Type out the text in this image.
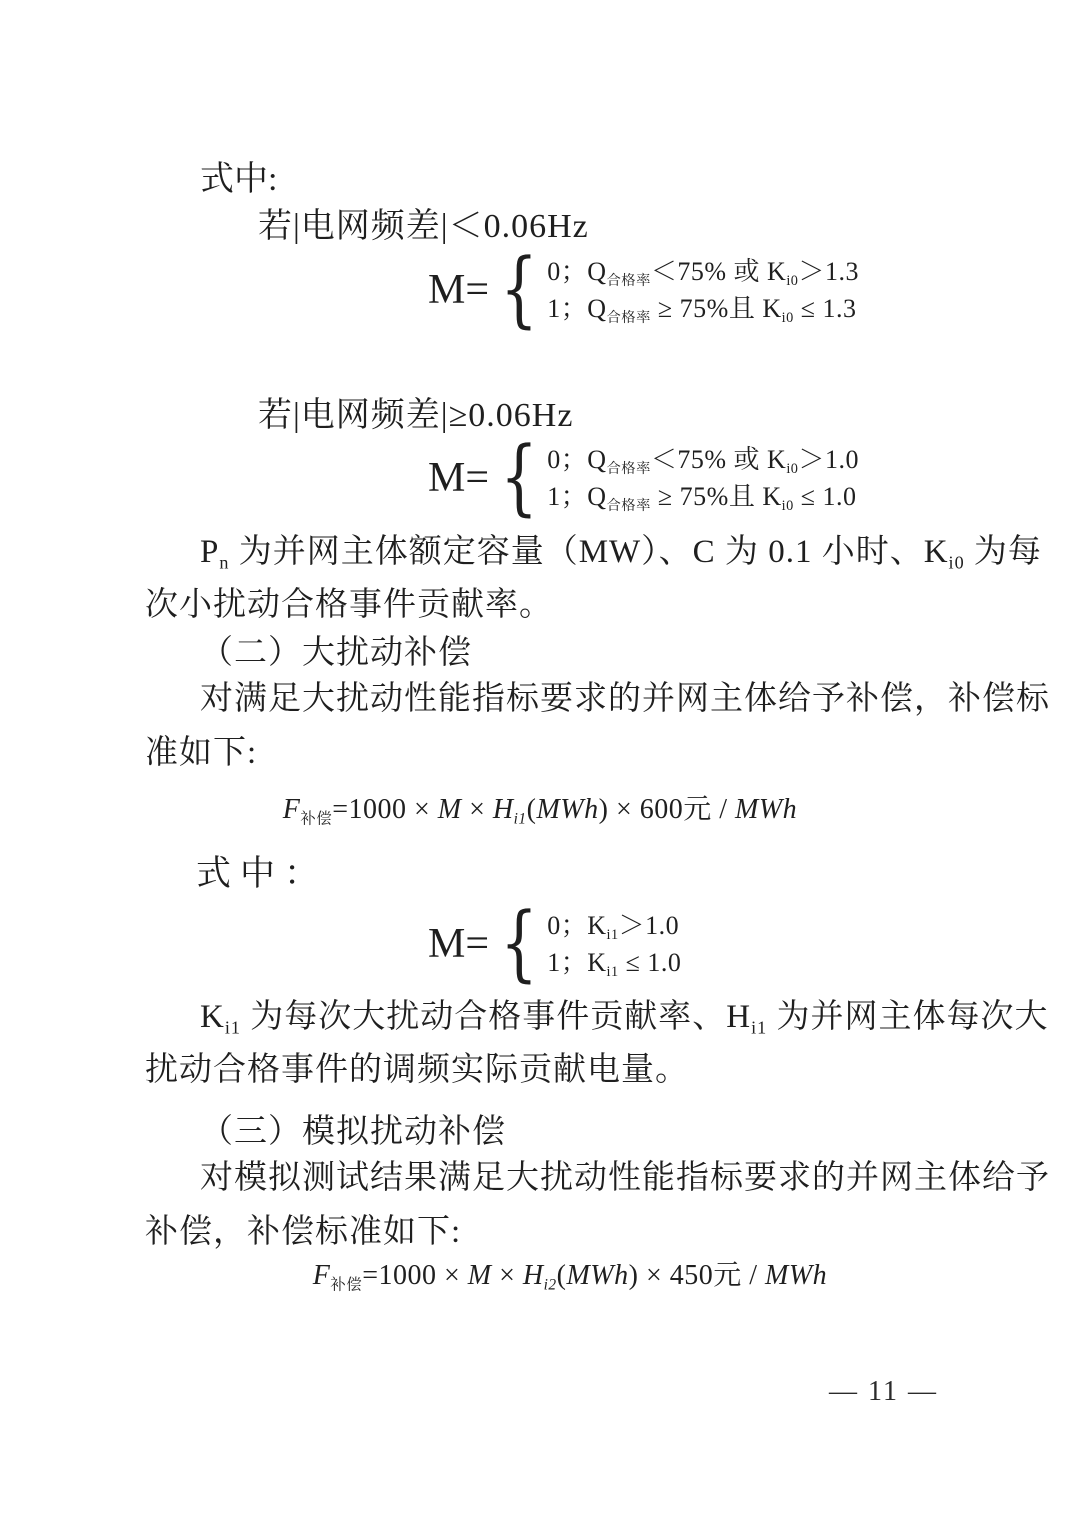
式中:
若|电网频差|＜0.06Hz
M= { 0；$Q_{合格率}<75\%$ 或 $K_{i0}>1.3$
1；$Q_{合格率} \ge 75\%$且 $K_{i0} \le 1.3$
若|电网频差|≥0.06Hz
M= { 0；$Q_{合格率}<75\%$ 或 $K_{i0}>1.0$
1；$Q_{合格率} \ge 75\%$且 $K_{i0} \le 1.0$
$P_n$ 为并网主体额定容量（MW）、C 为 0.1 小时、$K_{i0}$ 为每
次小扰动合格事件贡献率。
（二）大扰动补偿
对满足大扰动性能指标要求的并网主体给予补偿，补偿标
准如下:
$F_{补偿}=1000 \times M \times H_{i1}(MWh) \times 600$元 / MWh
式中：
M= { 0；$K_{i1}>1.0$
1；$K_{i1} \le 1.0$
$K_{i1}$ 为每次大扰动合格事件贡献率、$H_{i1}$ 为并网主体每次大
扰动合格事件的调频实际贡献电量。
（三）模拟扰动补偿
对模拟测试结果满足大扰动性能指标要求的并网主体给予
补偿，补偿标准如下:
$F_{补偿}=1000 \times M \times H_{i2}(MWh) \times 450$元 / MWh
— 11 —
